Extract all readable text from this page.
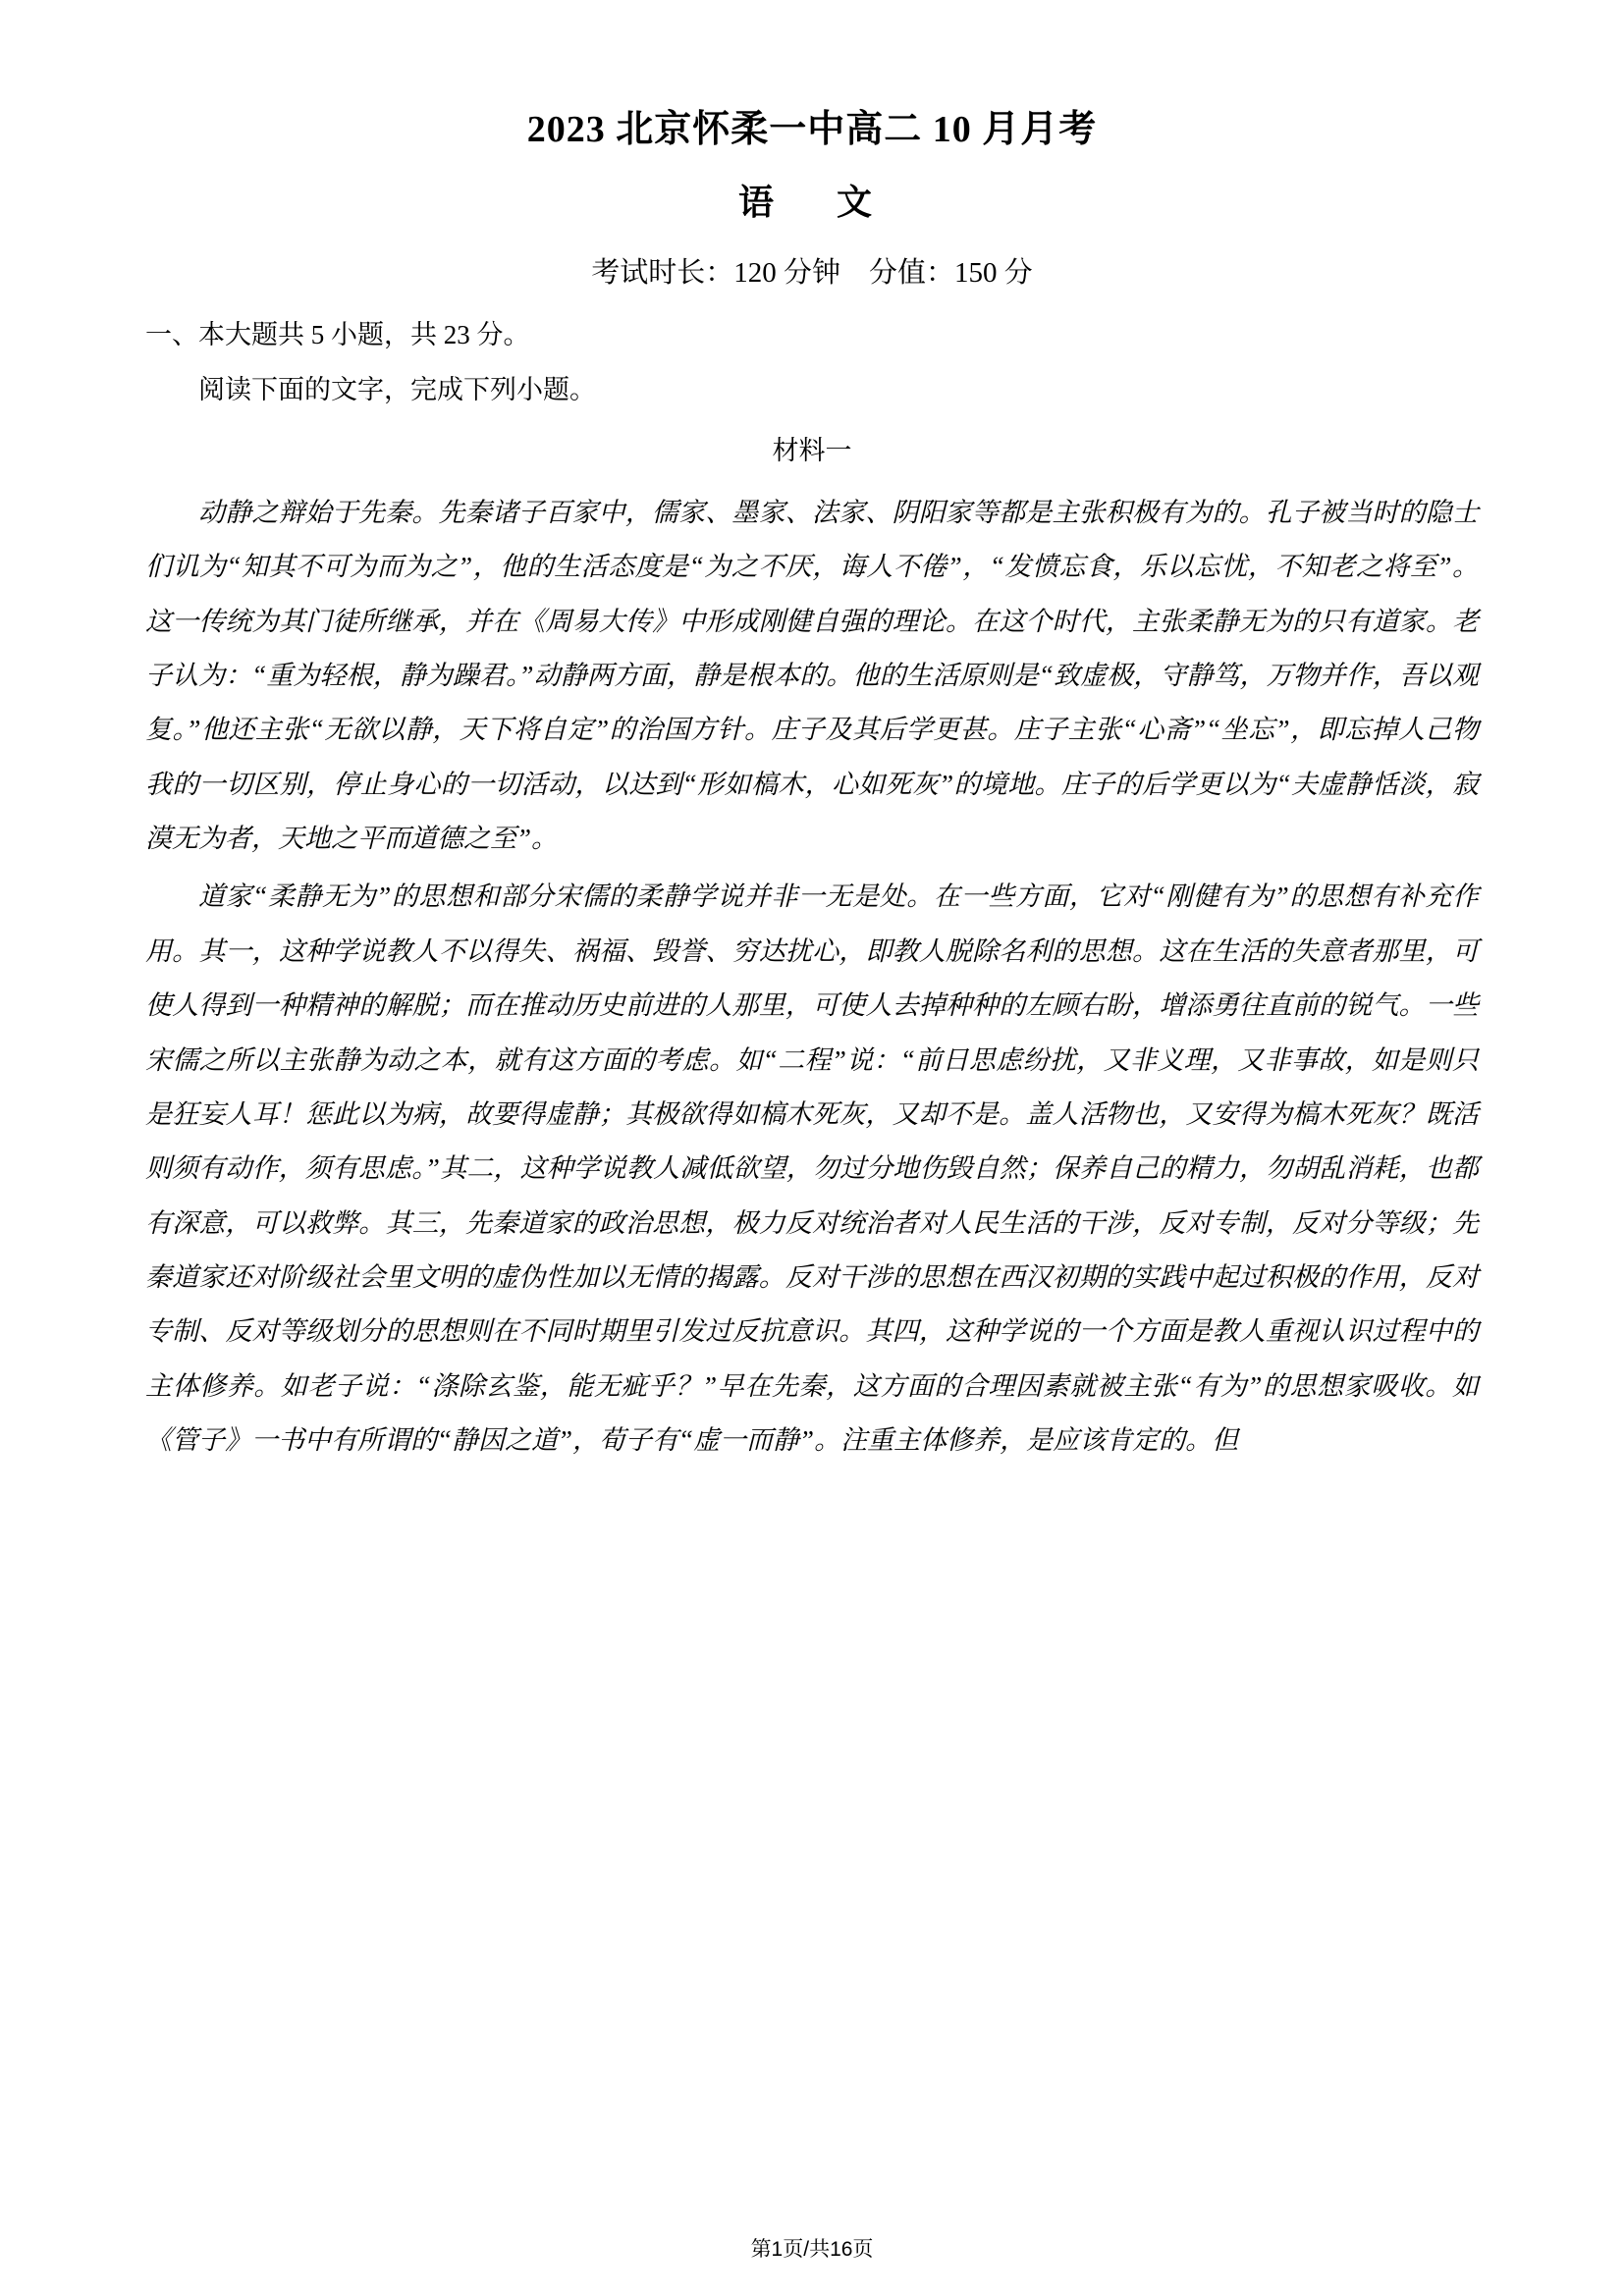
2023 北京怀柔一中高二 10 月月考
语　文
考试时长：120 分钟　分值：150 分
一、本大题共 5 小题，共 23 分。
阅读下面的文字，完成下列小题。
材料一

动静之辩始于先秦。先秦诸子百家中，儒家、墨家、法家、阴阳家等都是主张积极有为的。孔子被当时的隐士们讥为“知其不可为而为之”，他的生活态度是“为之不厌，诲人不倦”，“发愤忘食，乐以忘忧，不知老之将至”。这一传统为其门徒所继承，并在《周易大传》中形成刚健自强的理论。在这个时代，主张柔静无为的只有道家。老子认为：“重为轻根，静为躁君。”动静两方面，静是根本的。他的生活原则是“致虚极，守静笃，万物并作，吾以观复。”他还主张“无欲以静，天下将自定”的治国方针。庄子及其后学更甚。庄子主张“心斋”“坐忘”，即忘掉人己物我的一切区别，停止身心的一切活动，以达到“形如槁木，心如死灰”的境地。庄子的后学更以为“夫虚静恬淡，寂漠无为者，天地之平而道德之至”。

道家“柔静无为”的思想和部分宋儒的柔静学说并非一无是处。在一些方面，它对“刚健有为”的思想有补充作用。其一，这种学说教人不以得失、祸福、毁誉、穷达扰心，即教人脱除名利的思想。这在生活的失意者那里，可使人得到一种精神的解脱；而在推动历史前进的人那里，可使人去掉种种的左顾右盼，增添勇往直前的锐气。一些宋儒之所以主张静为动之本，就有这方面的考虑。如“二程”说：“前日思虑纷扰，又非义理，又非事故，如是则只是狂妄人耳！惩此以为病，故要得虚静；其极欲得如槁木死灰，又却不是。盖人活物也，又安得为槁木死灰？既活则须有动作，须有思虑。”其二，这种学说教人减低欲望，勿过分地伤毁自然；保养自己的精力，勿胡乱消耗，也都有深意，可以救弊。其三，先秦道家的政治思想，极力反对统治者对人民生活的干涉，反对专制，反对分等级；先秦道家还对阶级社会里文明的虚伪性加以无情的揭露。反对干涉的思想在西汉初期的实践中起过积极的作用，反对专制、反对等级划分的思想则在不同时期里引发过反抗意识。其四，这种学说的一个方面是教人重视认识过程中的主体修养。如老子说：“涤除玄鉴，能无疵乎？”早在先秦，这方面的合理因素就被主张“有为”的思想家吸收。如《管子》一书中有所谓的“静因之道”，荀子有“虚一而静”。注重主体修养，是应该肯定的。但

第1页/共16页
